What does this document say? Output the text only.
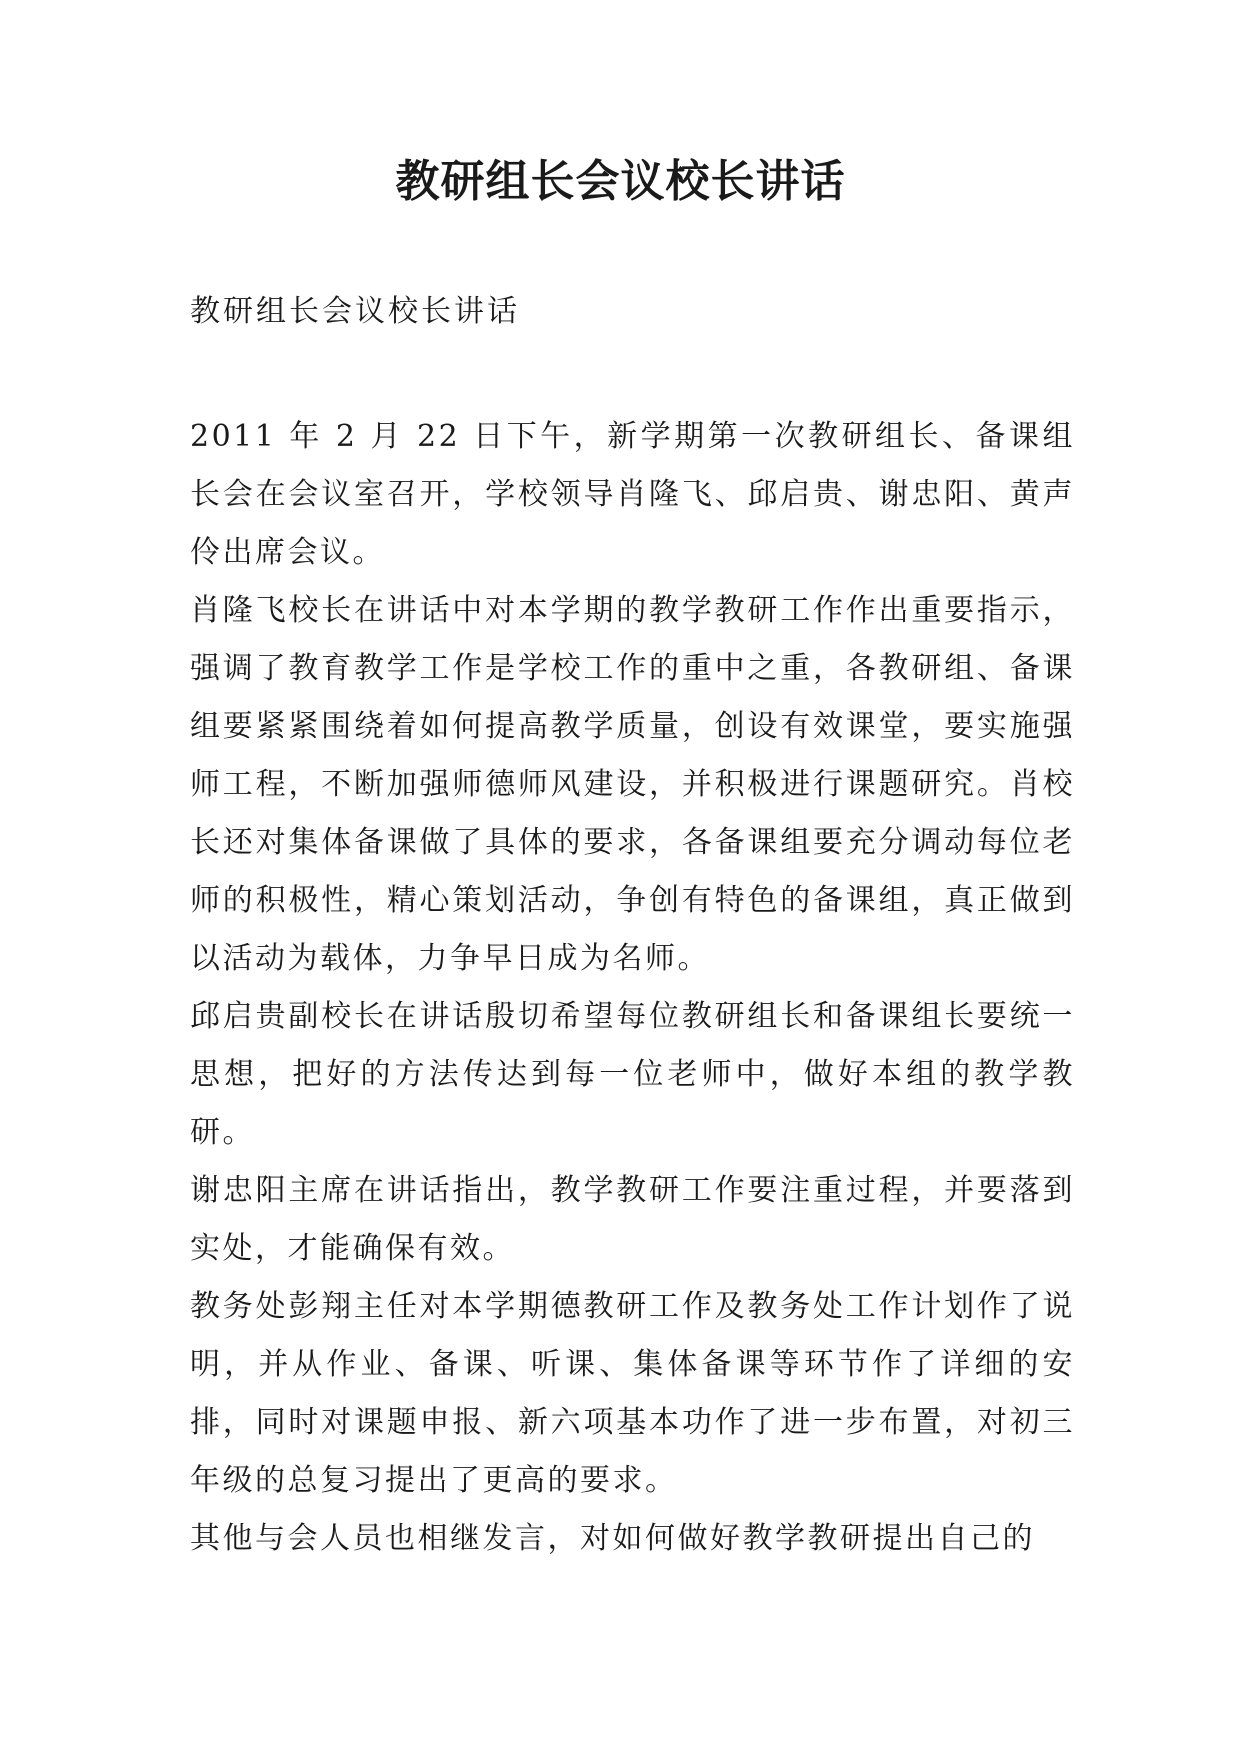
教研组长会议校长讲话

教研组长会议校长讲话

2011 年 2 月 22 日下午，新学期第一次教研组长、备课组长会在会议室召开，学校领导肖隆飞、邱启贵、谢忠阳、黄声伶出席会议。

肖隆飞校长在讲话中对本学期的教学教研工作作出重要指示，强调了教育教学工作是学校工作的重中之重，各教研组、备课组要紧紧围绕着如何提高教学质量，创设有效课堂，要实施强师工程，不断加强师德师风建设，并积极进行课题研究。肖校长还对集体备课做了具体的要求，各备课组要充分调动每位老师的积极性，精心策划活动，争创有特色的备课组，真正做到以活动为载体，力争早日成为名师。

邱启贵副校长在讲话殷切希望每位教研组长和备课组长要统一思想，把好的方法传达到每一位老师中，做好本组的教学教研。

谢忠阳主席在讲话指出，教学教研工作要注重过程，并要落到实处，才能确保有效。

教务处彭翔主任对本学期德教研工作及教务处工作计划作了说明，并从作业、备课、听课、集体备课等环节作了详细的安排，同时对课题申报、新六项基本功作了进一步布置，对初三年级的总复习提出了更高的要求。

其他与会人员也相继发言，对如何做好教学教研提出自己的
